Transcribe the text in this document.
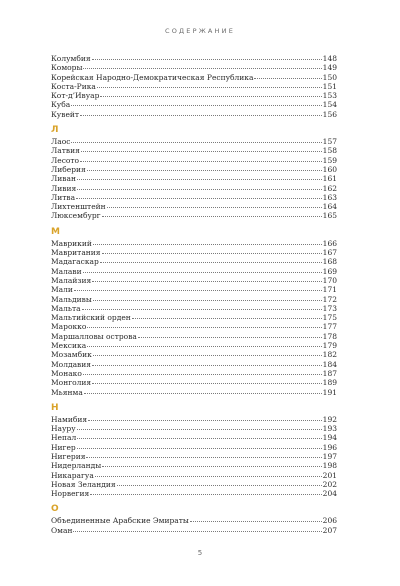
СОДЕРЖАНИЕ
Колумбия	148
Коморы	149
Корейская Народно-Демократическая Республика	150
Коста-Рика	151
Кот-д’Ивуар	153
Куба	154
Кувейт	156
Л
Лаос	157
Латвия	158
Лесото	159
Либерия	160
Ливан	161
Ливия	162
Литва	163
Лихтенштейн	164
Люксембург	165
М
Маврикий	166
Мавритания	167
Мадагаскар	168
Малави	169
Малайзия	170
Мали	171
Мальдивы	172
Мальта	173
Мальтийский орден	175
Марокко	177
Маршалловы острова	178
Мексика	179
Мозамбик	182
Молдавия	184
Монако	187
Монголия	189
Мьянма	191
Н
Намибия	192
Науру	193
Непал	194
Нигер	196
Нигерия	197
Нидерланды	198
Никарагуа	201
Новая Зеландия	202
Норвегия	204
О
Объединенные Арабские Эмираты	206
Оман	207
5
